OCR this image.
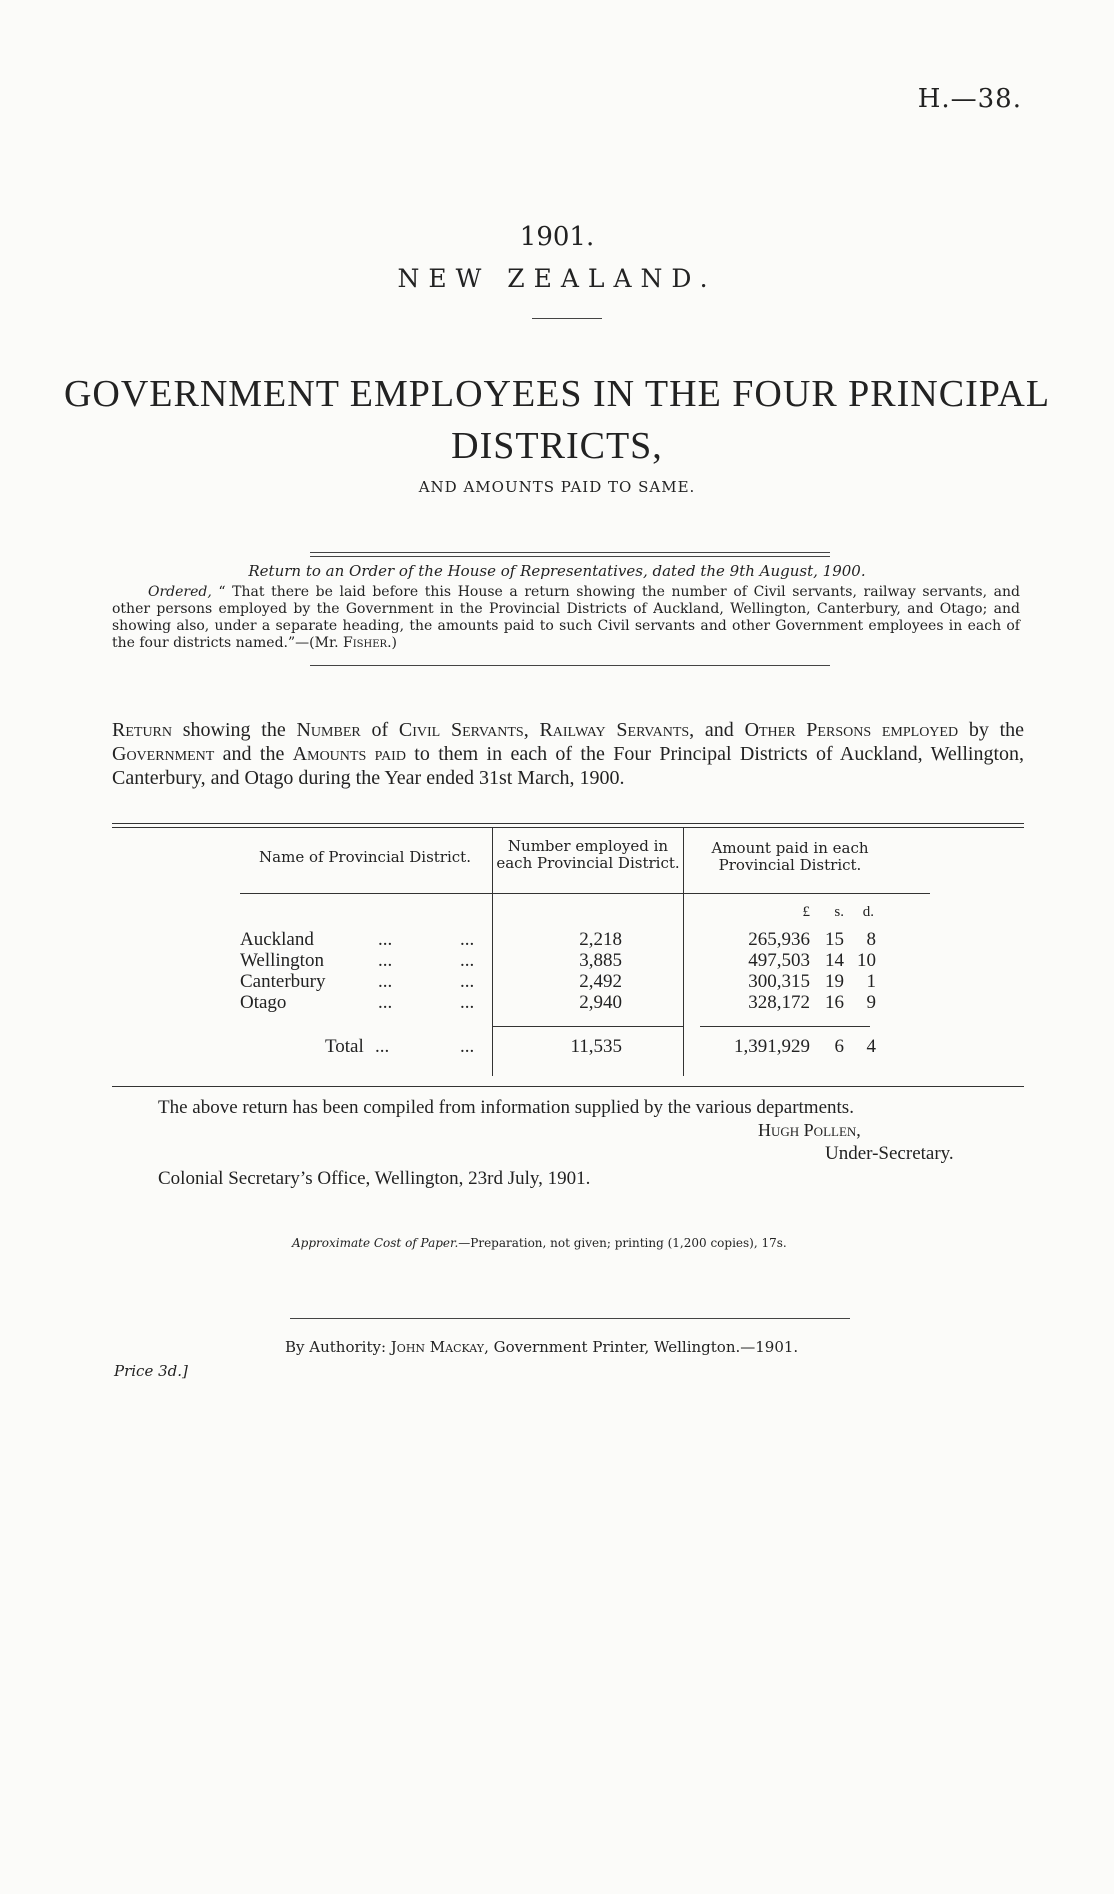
H.—38.
1901.
NEW ZEALAND.
GOVERNMENT EMPLOYEES IN THE FOUR PRINCIPAL
DISTRICTS,
AND AMOUNTS PAID TO SAME.
Return to an Order of the House of Representatives, dated the 9th August, 1900.
Ordered, “ That there be laid before this House a return showing the number of Civil servants, railway servants, and other persons employed by the Government in the Provincial Districts of Auckland, Wellington, Canterbury, and Otago; and showing also, under a separate heading, the amounts paid to such Civil servants and other Government employees in each of the four districts named.”—(Mr. Fisher.)
Return showing the Number of Civil Servants, Railway Servants, and Other Persons employed by the Government and the Amounts paid to them in each of the Four Principal Districts of Auckland, Wellington, Canterbury, and Otago during the Year ended 31st March, 1900.
Name of Provincial District.
Number employed in
each Provincial District.
Amount paid in each
Provincial District.
£	s.	d.
Auckland	...	...	2,218	265,936 15	8
Wellington	...	...	3,885	497,503 14 10
Canterbury	...	...	2,492	300,315 19	1
Otago	...	...	2,940	328,172 16	9
Total ...	...	11,535	1,391,929	6	4
The above return has been compiled from information supplied by the various departments.
Hugh Pollen,
Under-Secretary.
Colonial Secretary’s Office, Wellington, 23rd July, 1901.
Approximate Cost of Paper.—Preparation, not given; printing (1,200 copies), 17s.
By Authority: John Mackay, Government Printer, Wellington.—1901.
Price 3d.]
